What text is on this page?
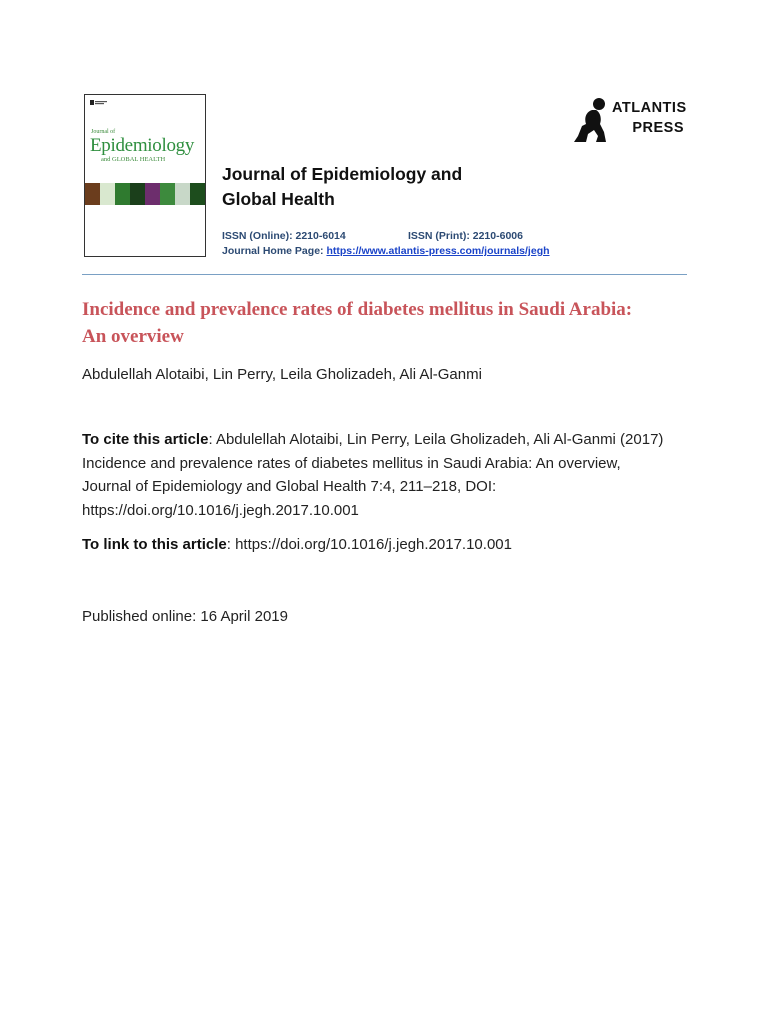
Journal of
Epidemiology
and GLOBAL HEALTH
Journal of Epidemiology and
Global Health
ISSN (Online): 2210-6014	ISSN (Print): 2210-6006
Journal Home Page: https://www.atlantis-press.com/journals/jegh
ATLANTIS
PRESS
Incidence and prevalence rates of diabetes mellitus in Saudi Arabia:
An overview
Abdulellah Alotaibi, Lin Perry, Leila Gholizadeh, Ali Al-Ganmi
To cite this article: Abdulellah Alotaibi, Lin Perry, Leila Gholizadeh, Ali Al-Ganmi (2017)
Incidence and prevalence rates of diabetes mellitus in Saudi Arabia: An overview,
Journal of Epidemiology and Global Health 7:4, 211–218, DOI:
https://doi.org/10.1016/j.jegh.2017.10.001
To link to this article: https://doi.org/10.1016/j.jegh.2017.10.001
Published online: 16 April 2019
